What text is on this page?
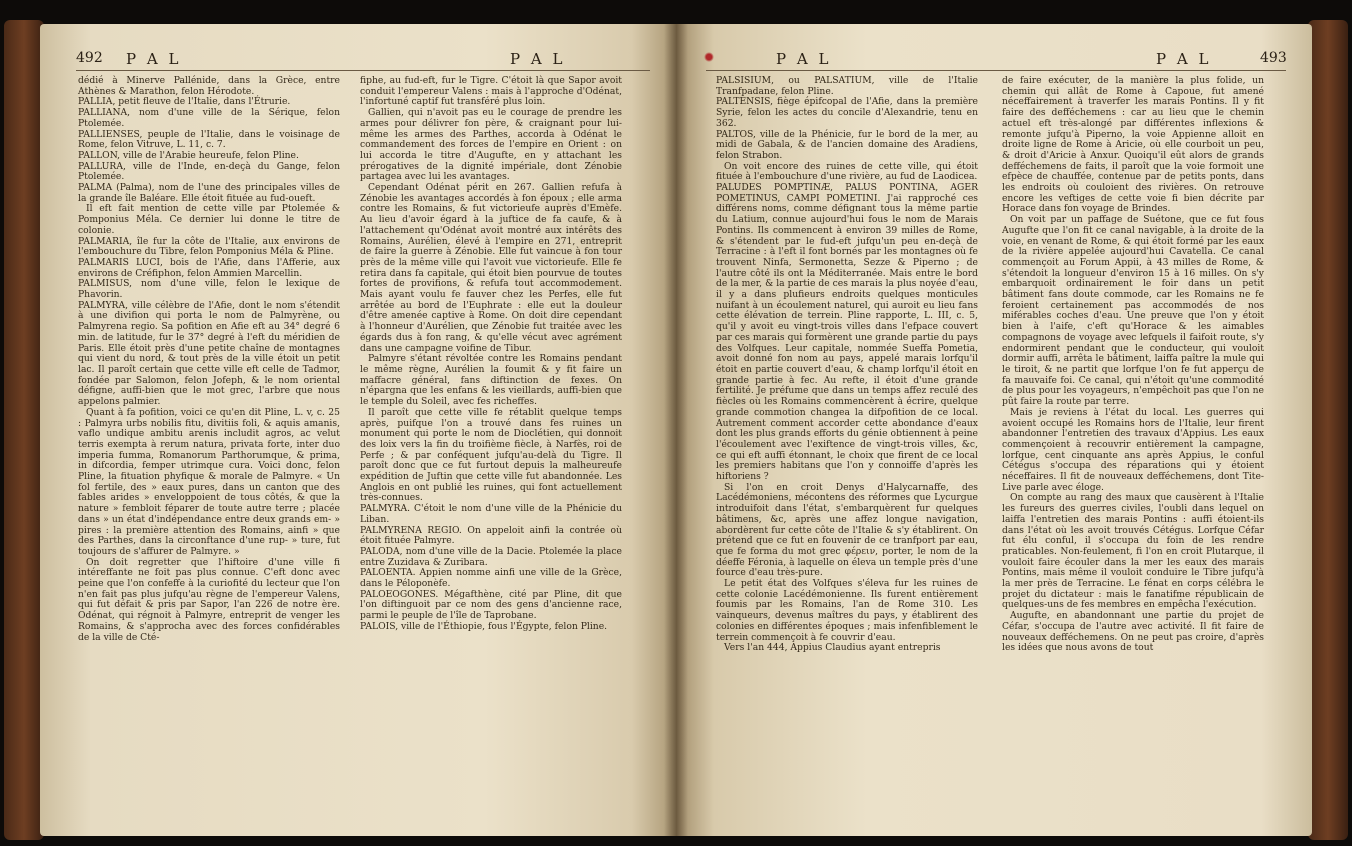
492 P A L	P A L

dédié à Minerve Pallénide, dans la Grèce, entre Athènes & Marathon, felon Hérodote.

PALLIA, petit fleuve de l'Italie, dans l'Étrurie.

PALLIANA, nom d'une ville de la Sérique, felon Ptolemée.

PALLIENSES, peuple de l'Italie, dans le voisinage de Rome, felon Vitruve, L. 11, c. 7.

PALLON, ville de l'Arabie heureufe, felon Pline.

PALLURA, ville de l'Inde, en-deçà du Gange, felon Ptolemée.

PALMA (Palma), nom de l'une des principales villes de la grande île Baléare. Elle étoit fituée au fud-oueft.

Il eft fait mention de cette ville par Ptolemée & Pomponius Méla. Ce dernier lui donne le titre de colonie.

PALMARIA, île fur la côte de l'Italie, aux environs de l'embouchure du Tibre, felon Pomponius Méla & Pline.

PALMARIS LUCI, bois de l'Afie, dans l'Afferie, aux environs de Créfiphon, felon Ammien Marcellin.

PALMISUS, nom d'une ville, felon le lexique de Phavorin.

PALMYRA, ville célèbre de l'Afie, dont le nom s'étendit à une divifion qui porta le nom de Palmyrène, ou Palmyrena regio. Sa pofition en Afie eft au 34° degré 6 min. de latitude, fur le 37° degré à l'eft du méridien de Paris. Elle étoit près d'une petite chaîne de montagnes qui vient du nord, & tout près de la ville étoit un petit lac. Il paroît certain que cette ville eft celle de Tadmor, fondée par Salomon, felon Jofeph, & le nom oriental défigne, auffi-bien que le mot grec, l'arbre que nous appelons palmier.

Quant à fa pofition, voici ce qu'en dit Pline, L. v, c. 25 : Palmyra urbs nobilis fitu, divitiis foli, & aquis amanis, vaflo undique ambitu arenis includit agros, ac velut terris exempta à rerum natura, privata forte, inter duo imperia fumma, Romanorum Parthorumque, & prima, in difcordia, femper utrimque cura. Voici donc, felon Pline, la fituation phyfique & morale de Palmyre. « Un fol fertile, des » eaux pures, dans un canton que des fables arides » enveloppoient de tous côtés, & que la nature » fembloit féparer de toute autre terre ; placée dans » un état d'indépendance entre deux grands em- » pires : la première attention des Romains, ainfi » que des Parthes, dans la circonftance d'une rup- » ture, fut toujours de s'affurer de Palmyre. »

On doit regretter que l'hiftoire d'une ville fi intéreffante ne foit pas plus connue. C'eft donc avec peine que l'on confeffe à la curiofité du lecteur que l'on n'en fait pas plus jufqu'au règne de l'empereur Valens, qui fut défait & pris par Sapor, l'an 226 de notre ère. Odénat, qui régnoit à Palmyre, entreprit de venger les Romains, & s'approcha avec des forces confidérables de la ville de Cté-

fiphe, au fud-eft, fur le Tigre. C'étoit là que Sapor avoit conduit l'empereur Valens : mais à l'approche d'Odénat, l'infortuné captif fut transféré plus loin.

Gallien, qui n'avoit pas eu le courage de prendre les armes pour délivrer fon père, & craignant pour lui-même les armes des Parthes, accorda à Odénat le commandement des forces de l'empire en Orient : on lui accorda le titre d'Augufte, en y attachant les prérogatives de la dignité impériale, dont Zénobie partagea avec lui les avantages.

Cependant Odénat périt en 267. Gallien refufa à Zénobie les avantages accordés à fon époux ; elle arma contre les Romains, & fut victorieufe auprès d'Emèfe. Au lieu d'avoir égard à la juftice de fa caufe, & à l'attachement qu'Odénat avoit montré aux intérêts des Romains, Aurélien, élevé à l'empire en 271, entreprit de faire la guerre à Zénobie. Elle fut vaincue à fon tour près de la même ville qui l'avoit vue victorieufe. Elle fe retira dans fa capitale, qui étoit bien pourvue de toutes fortes de provifions, & refufa tout accommodement. Mais ayant voulu fe fauver chez les Perfes, elle fut arrêtée au bord de l'Euphrate : elle eut la douleur d'être amenée captive à Rome. On doit dire cependant à l'honneur d'Aurélien, que Zénobie fut traitée avec les égards dus à fon rang, & qu'elle vécut avec agrément dans une campagne voifine de Tibur.

Palmyre s'étant révoltée contre les Romains pendant le même règne, Aurélien la foumit & y fit faire un maffacre général, fans diftinction de fexes. On n'épargna que les enfans & les vieillards, auffi-bien que le temple du Soleil, avec fes richeffes.

Il paroît que cette ville fe rétablit quelque temps après, puifque l'on a trouvé dans fes ruines un monument qui porte le nom de Dioclétien, qui donnoit des loix vers la fin du troifième fiècle, à Narfès, roi de Perfe ; & par conféquent jufqu'au-delà du Tigre. Il paroît donc que ce fut furtout depuis la malheureufe expédition de Juftin que cette ville fut abandonnée. Les Anglois en ont publié les ruines, qui font actuellement très-connues.

PALMYRA. C'étoit le nom d'une ville de la Phénicie du Liban.

PALMYRENA REGIO. On appeloit ainfi la contrée où étoit fituée Palmyre.

PALODA, nom d'une ville de la Dacie. Ptolemée la place entre Zuzidava & Zuribara.

PALOENTA. Appien nomme ainfi une ville de la Grèce, dans le Péloponèfe.

PALOEOGONES. Mégafthène, cité par Pline, dit que l'on diftinguoit par ce nom des gens d'ancienne race, parmi le peuple de l'île de Taprobane.

PALOIS, ville de l'Éthiopie, fous l'Égypte, felon Pline.

P A L	P A L	493

PALSISIUM, ou PALSATIUM, ville de l'Italie Tranfpadane, felon Pline.

PALTENSIS, fiège épifcopal de l'Afie, dans la première Syrie, felon les actes du concile d'Alexandrie, tenu en 362.

PALTOS, ville de la Phénicie, fur le bord de la mer, au midi de Gabala, & de l'ancien domaine des Aradiens, felon Strabon.

On voit encore des ruines de cette ville, qui étoit fituée à l'embouchure d'une rivière, au fud de Laodicea.

PALUDES POMPTINÆ, PALUS PONTINA, AGER POMETINUS, CAMPI POMETINI. J'ai rapproché ces différens noms, comme défignant tous la même partie du Latium, connue aujourd'hui fous le nom de Marais Pontins. Ils commencent à environ 39 milles de Rome, & s'étendent par le fud-eft jufqu'un peu en-deçà de Terracine : à l'eft il font bornés par les montagnes où fe trouvent Ninfa, Sermonetta, Sezze & Piperno ; de l'autre côté ils ont la Méditerranée. Mais entre le bord de la mer, & la partie de ces marais la plus noyée d'eau, il y a dans plufieurs endroits quelques monticules nuifant à un écoulement naturel, qui auroit eu lieu fans cette élévation de terrein. Pline rapporte, L. III, c. 5, qu'il y avoit eu vingt-trois villes dans l'efpace couvert par ces marais qui formèrent une grande partie du pays des Volfques. Leur capitale, nommée Sueffa Pometia, avoit donné fon nom au pays, appelé marais lorfqu'il étoit en partie couvert d'eau, & champ lorfqu'il étoit en grande partie à fec. Au refte, il étoit d'une grande fertilité. Je préfume que dans un temps affez reculé des fiècles où les Romains commencèrent à écrire, quelque grande commotion changea la difpofition de ce local. Autrement comment accorder cette abondance d'eaux dont les plus grands efforts du génie obtiennent à peine l'écoulement avec l'exiftence de vingt-trois villes, &c, ce qui eft auffi étonnant, le choix que firent de ce local les premiers habitans que l'on y connoiffe d'après les hiftoriens ?

Si l'on en croit Denys d'Halycarnaffe, des Lacédémoniens, mécontens des réformes que Lycurgue introduifoit dans l'état, s'embarquèrent fur quelques bâtimens, &c, après une affez longue navigation, abordèrent fur cette côte de l'Italie & s'y établirent. On prétend que ce fut en fouvenir de ce tranfport par eau, que fe forma du mot grec φέρειν, porter, le nom de la déeffe Féronia, à laquelle on éleva un temple près d'une fource d'eau très-pure.

Le petit état des Volfques s'éleva fur les ruines de cette colonie Lacédémonienne. Ils furent entièrement foumis par les Romains, l'an de Rome 310. Les vainqueurs, devenus maîtres du pays, y établirent des colonies en différentes époques ; mais infenfiblement le terrein commençoit à fe couvrir d'eau.

Vers l'an 444, Appius Claudius ayant entrepris

de faire exécuter, de la manière la plus folide, un chemin qui allât de Rome à Capoue, fut amené néceffairement à traverfer les marais Pontins. Il y fit faire des defféchemens : car au lieu que le chemin actuel eft très-alongé par différentes inflexions & remonte jufqu'à Piperno, la voie Appienne alloit en droite ligne de Rome à Aricie, où elle courboit un peu, & droit d'Aricie à Anxur. Quoiqu'il eût alors de grands defféchemens de faits, il paroît que la voie formoit une efpèce de chauffée, contenue par de petits ponts, dans les endroits où couloient des rivières. On retrouve encore les veftiges de cette voie fi bien décrite par Horace dans fon voyage de Brindes.

On voit par un paffage de Suétone, que ce fut fous Augufte que l'on fit ce canal navigable, à la droite de la voie, en venant de Rome, & qui étoit formé par les eaux de la rivière appelée aujourd'hui Cavatella. Ce canal commençoit au Forum Appii, à 43 milles de Rome, & s'étendoit la longueur d'environ 15 à 16 milles. On s'y embarquoit ordinairement le foir dans un petit bâtiment fans doute commode, car les Romains ne fe feroient certainement pas accommodés de nos miférables coches d'eau. Une preuve que l'on y étoit bien à l'aife, c'eft qu'Horace & les aimables compagnons de voyage avec lefquels il faifoit route, s'y endormirent pendant que le conducteur, qui vouloit dormir auffi, arrêta le bâtiment, laiffa paître la mule qui le tiroit, & ne partit que lorfque l'on fe fut apperçu de fa mauvaife foi. Ce canal, qui n'étoit qu'une commodité de plus pour les voyageurs, n'empêchoit pas que l'on ne pût faire la route par terre.

Mais je reviens à l'état du local. Les guerres qui avoient occupé les Romains hors de l'Italie, leur firent abandonner l'entretien des travaux d'Appius. Les eaux commençoient à recouvrir entièrement la campagne, lorfque, cent cinquante ans après Appius, le conful Cétégus s'occupa des réparations qui y étoient néceffaires. Il fit de nouveaux defféchemens, dont Tite-Live parle avec éloge.

On compte au rang des maux que causèrent à l'Italie les fureurs des guerres civiles, l'oubli dans lequel on laiffa l'entretien des marais Pontins : auffi étoient-ils dans l'état où les avoit trouvés Cétégus. Lorfque Céfar fut élu conful, il s'occupa du foin de les rendre praticables. Non-feulement, fi l'on en croit Plutarque, il vouloit faire écouler dans la mer les eaux des marais Pontins, mais même il vouloit conduire le Tibre jufqu'à la mer près de Terracine. Le fénat en corps célébra le projet du dictateur : mais le fanatifme républicain de quelques-uns de fes membres en empêcha l'exécution.

Augufte, en abandonnant une partie du projet de Céfar, s'occupa de l'autre avec activité. Il fit faire de nouveaux defféchemens. On ne peut pas croire, d'après les idées que nous avons de tout
